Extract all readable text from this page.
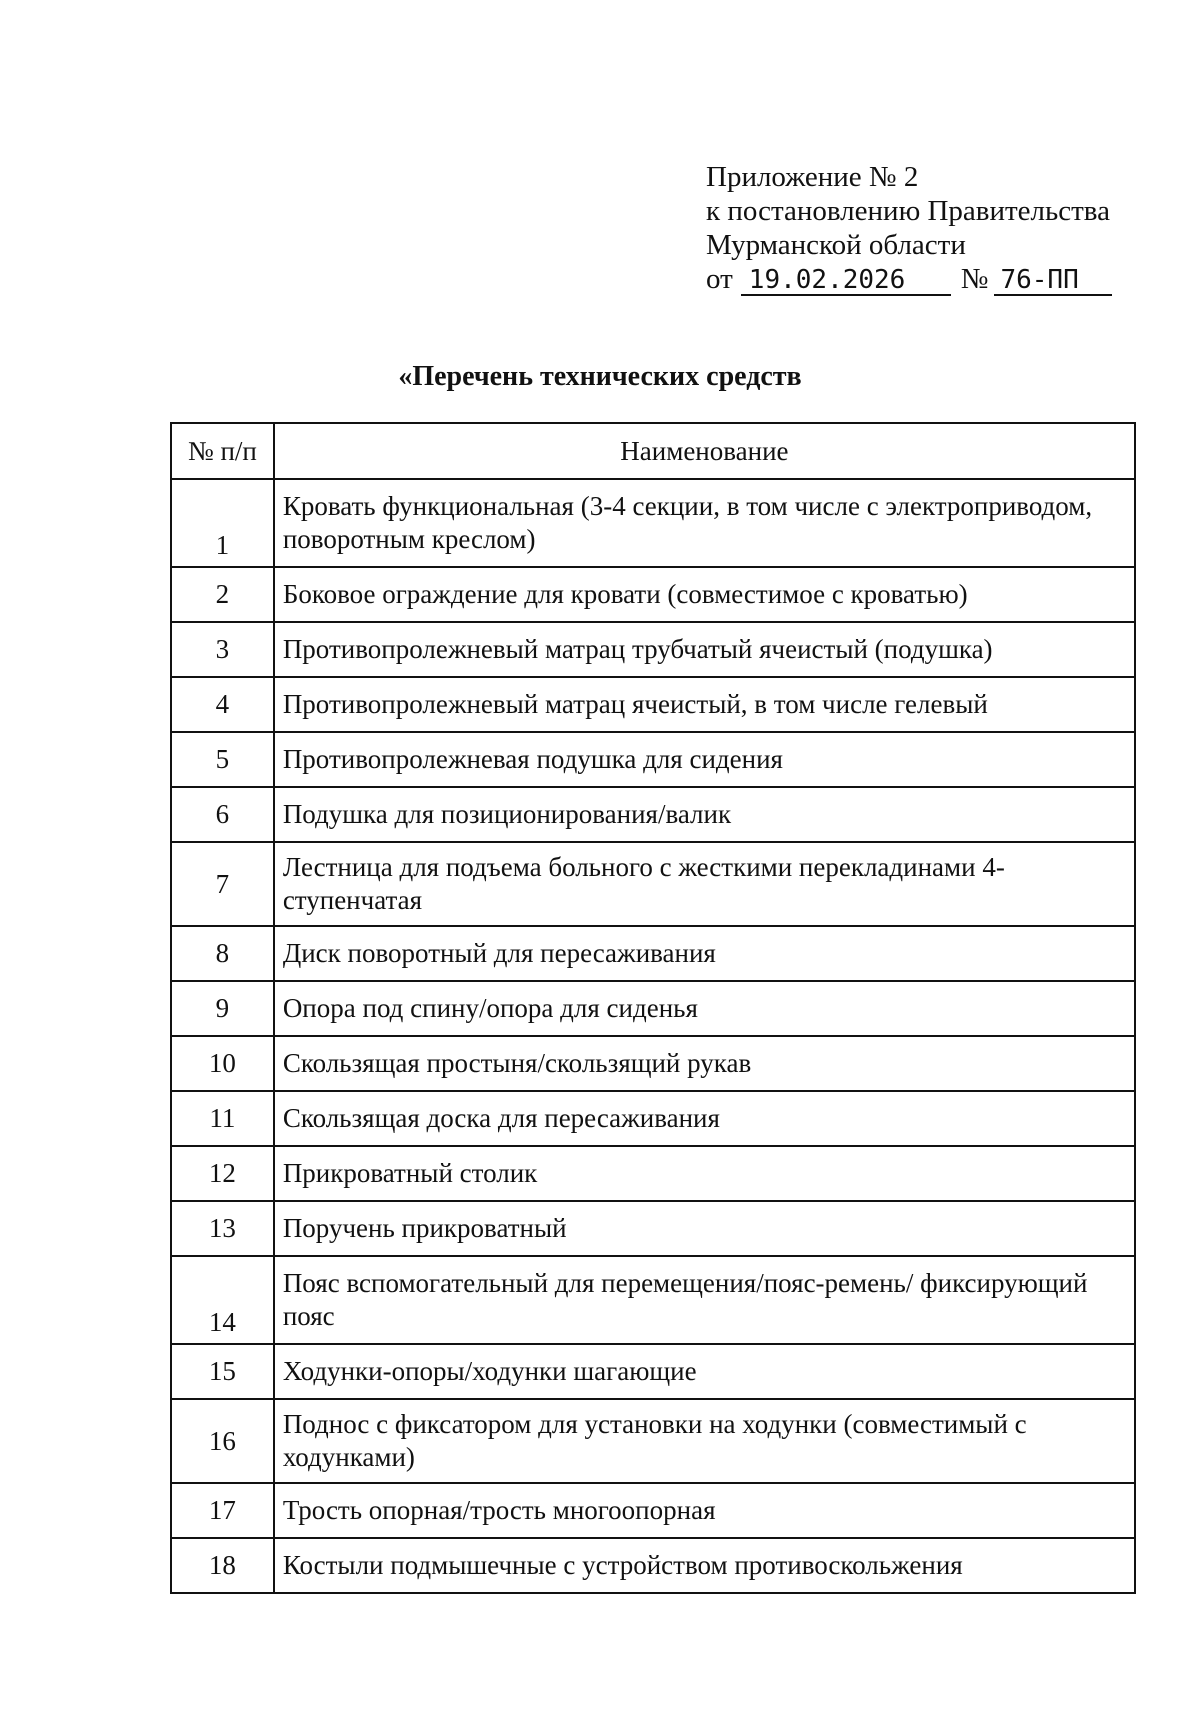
Приложение № 2
к постановлению Правительства
Мурманской области
от 19.02.2026	№ 76-ПП
«Перечень технических средств
№ п/п	Наименование
1	Кровать функциональная (3-4 секции, в том числе с электроприводом, поворотным креслом)
2	Боковое ограждение для кровати (совместимое с кроватью)
3	Противопролежневый матрац трубчатый ячеистый (подушка)
4	Противопролежневый матрац ячеистый, в том числе гелевый
5	Противопролежневая подушка для сидения
6	Подушка для позиционирования/валик
7	Лестница для подъема больного с жесткими перекладинами 4-ступенчатая
8	Диск поворотный для пересаживания
9	Опора под спину/опора для сиденья
10	Скользящая простыня/скользящий рукав
11	Скользящая доска для пересаживания
12	Прикроватный столик
13	Поручень прикроватный
14	Пояс вспомогательный для перемещения/пояс-ремень/ фиксирующий пояс
15	Ходунки-опоры/ходунки шагающие
16	Поднос с фиксатором для установки на ходунки (совместимый с ходунками)
17	Трость опорная/трость многоопорная
18	Костыли подмышечные с устройством противоскольжения
